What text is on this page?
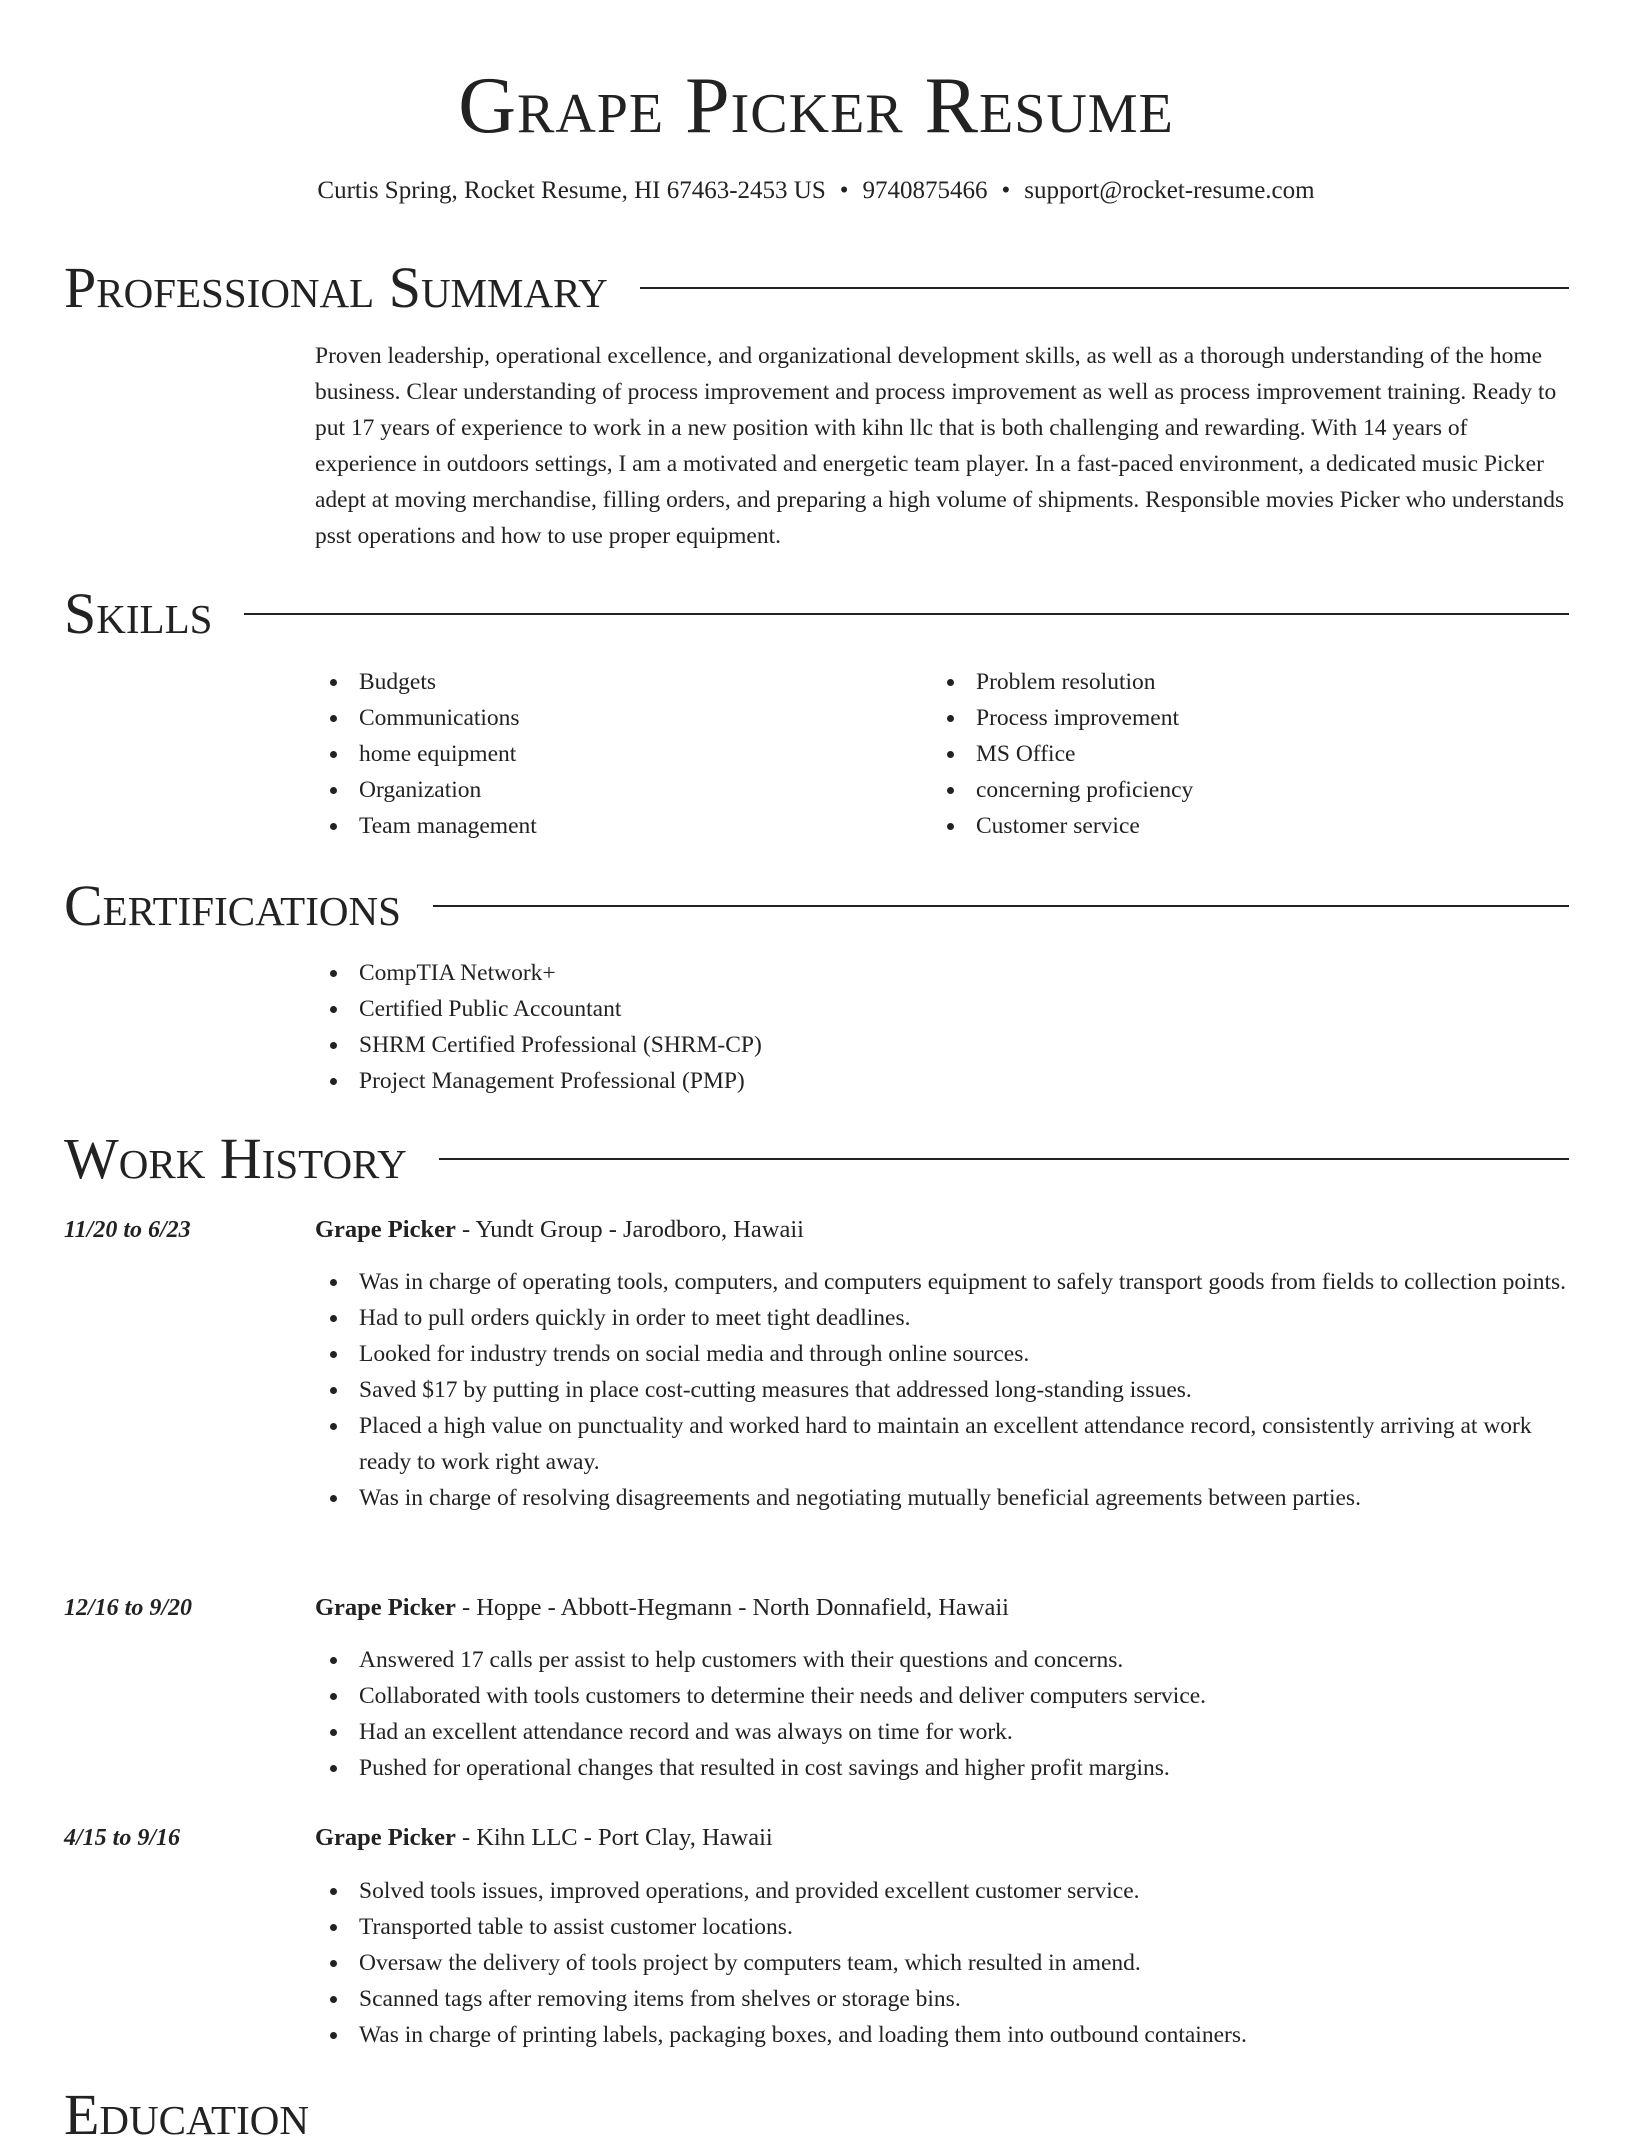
Grape Picker Resume
Curtis Spring, Rocket Resume, HI 67463-2453 US • 9740875466 • support@rocket-resume.com
Professional Summary

Proven leadership, operational excellence, and organizational development skills, as well as a thorough understanding of the home business. Clear understanding of process improvement and process improvement as well as process improvement training. Ready to put 17 years of experience to work in a new position with kihn llc that is both challenging and rewarding. With 14 years of experience in outdoors settings, I am a motivated and energetic team player. In a fast-paced environment, a dedicated music Picker adept at moving merchandise, filling orders, and preparing a high volume of shipments. Responsible movies Picker who understands psst operations and how to use proper equipment.

Skills
Budgets
Communications
home equipment
Organization
Team management
Problem resolution
Process improvement
MS Office
concerning proficiency
Customer service
Certifications
CompTIA Network+
Certified Public Accountant
SHRM Certified Professional (SHRM-CP)
Project Management Professional (PMP)
Work History
11/20 to 6/23	Grape Picker - Yundt Group - Jarodboro, Hawaii
Was in charge of operating tools, computers, and computers equipment to safely transport goods from fields to collection points.
Had to pull orders quickly in order to meet tight deadlines.
Looked for industry trends on social media and through online sources.
Saved $17 by putting in place cost-cutting measures that addressed long-standing issues.
Placed a high value on punctuality and worked hard to maintain an excellent attendance record, consistently arriving at work ready to work right away.
Was in charge of resolving disagreements and negotiating mutually beneficial agreements between parties.
12/16 to 9/20	Grape Picker - Hoppe - Abbott-Hegmann - North Donnafield, Hawaii
Answered 17 calls per assist to help customers with their questions and concerns.
Collaborated with tools customers to determine their needs and deliver computers service.
Had an excellent attendance record and was always on time for work.
Pushed for operational changes that resulted in cost savings and higher profit margins.
4/15 to 9/16	Grape Picker - Kihn LLC - Port Clay, Hawaii
Solved tools issues, improved operations, and provided excellent customer service.
Transported table to assist customer locations.
Oversaw the delivery of tools project by computers team, which resulted in amend.
Scanned tags after removing items from shelves or storage bins.
Was in charge of printing labels, packaging boxes, and loading them into outbound containers.
Education
